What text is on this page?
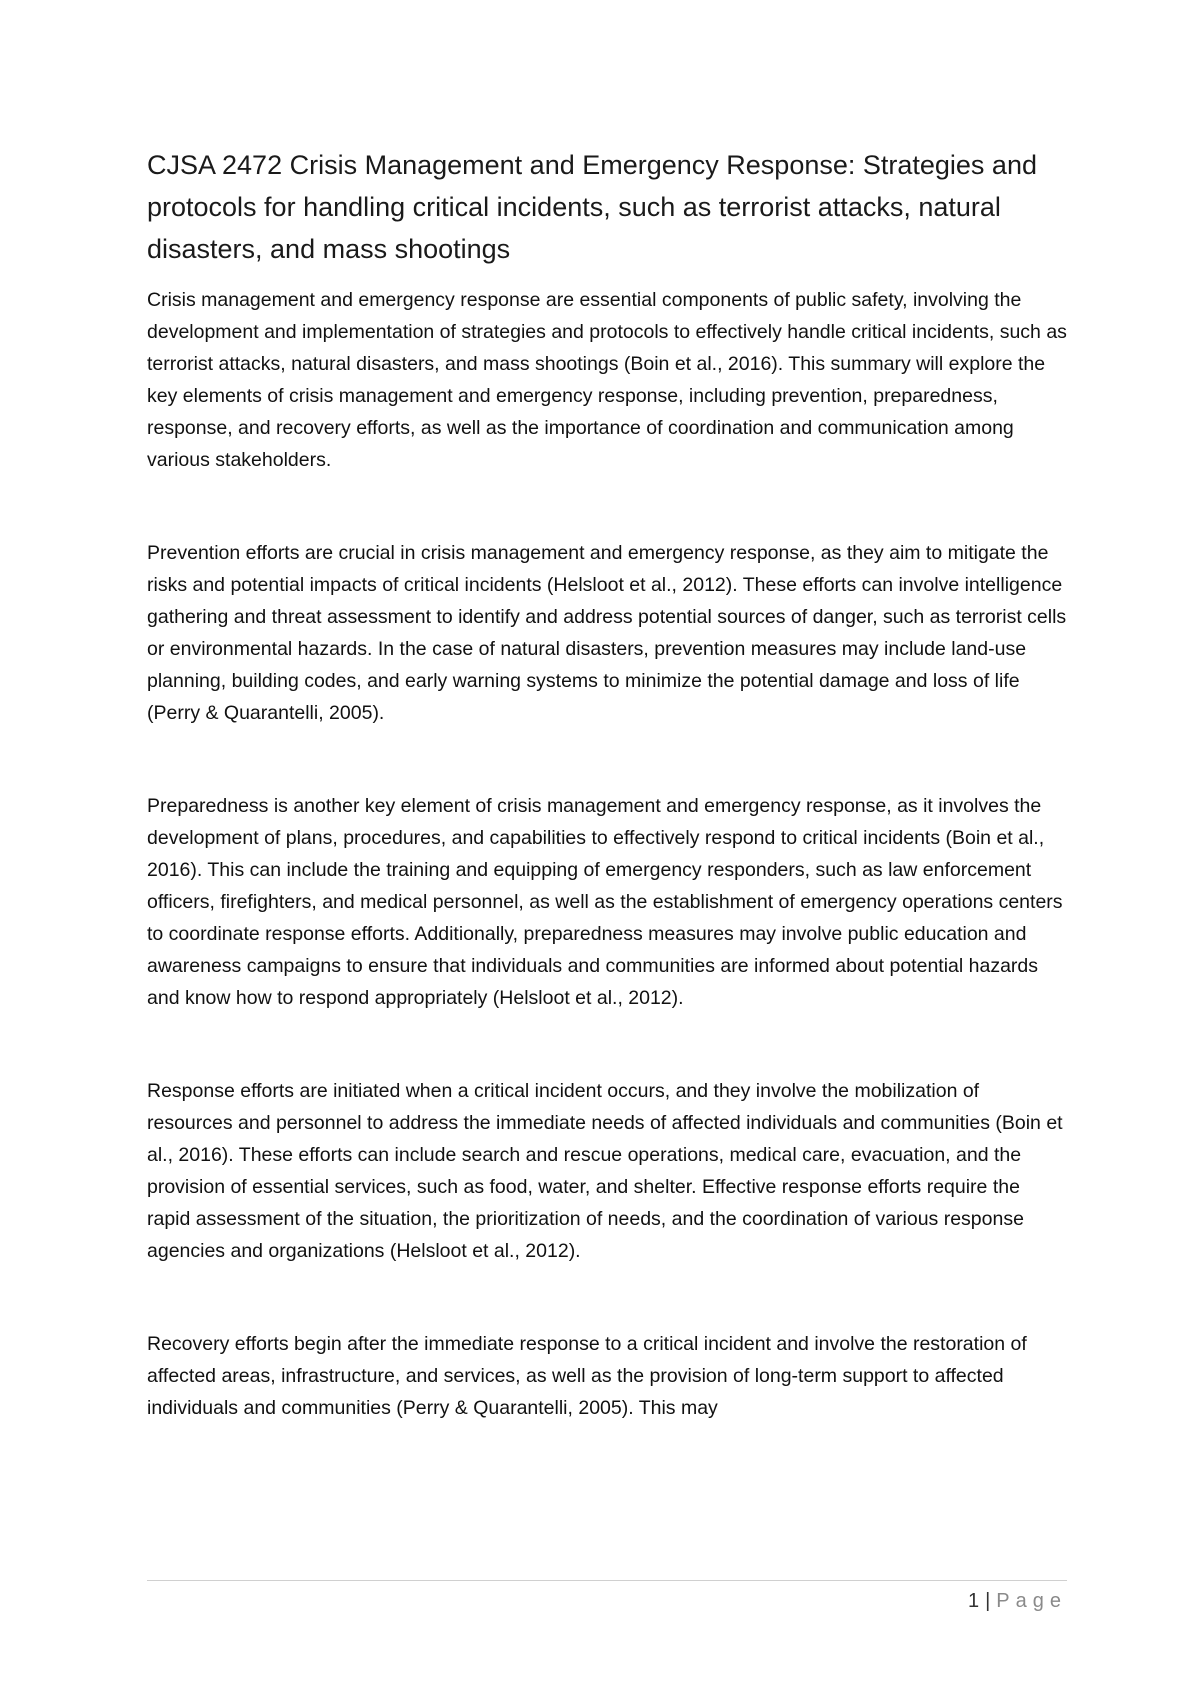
CJSA 2472 Crisis Management and Emergency Response: Strategies and protocols for handling critical incidents, such as terrorist attacks, natural disasters, and mass shootings

Crisis management and emergency response are essential components of public safety, involving the development and implementation of strategies and protocols to effectively handle critical incidents, such as terrorist attacks, natural disasters, and mass shootings (Boin et al., 2016). This summary will explore the key elements of crisis management and emergency response, including prevention, preparedness, response, and recovery efforts, as well as the importance of coordination and communication among various stakeholders.

Prevention efforts are crucial in crisis management and emergency response, as they aim to mitigate the risks and potential impacts of critical incidents (Helsloot et al., 2012). These efforts can involve intelligence gathering and threat assessment to identify and address potential sources of danger, such as terrorist cells or environmental hazards. In the case of natural disasters, prevention measures may include land-use planning, building codes, and early warning systems to minimize the potential damage and loss of life (Perry & Quarantelli, 2005).

Preparedness is another key element of crisis management and emergency response, as it involves the development of plans, procedures, and capabilities to effectively respond to critical incidents (Boin et al., 2016). This can include the training and equipping of emergency responders, such as law enforcement officers, firefighters, and medical personnel, as well as the establishment of emergency operations centers to coordinate response efforts. Additionally, preparedness measures may involve public education and awareness campaigns to ensure that individuals and communities are informed about potential hazards and know how to respond appropriately (Helsloot et al., 2012).

Response efforts are initiated when a critical incident occurs, and they involve the mobilization of resources and personnel to address the immediate needs of affected individuals and communities (Boin et al., 2016). These efforts can include search and rescue operations, medical care, evacuation, and the provision of essential services, such as food, water, and shelter. Effective response efforts require the rapid assessment of the situation, the prioritization of needs, and the coordination of various response agencies and organizations (Helsloot et al., 2012).

Recovery efforts begin after the immediate response to a critical incident and involve the restoration of affected areas, infrastructure, and services, as well as the provision of long-term support to affected individuals and communities (Perry & Quarantelli, 2005). This may

1 | Page
